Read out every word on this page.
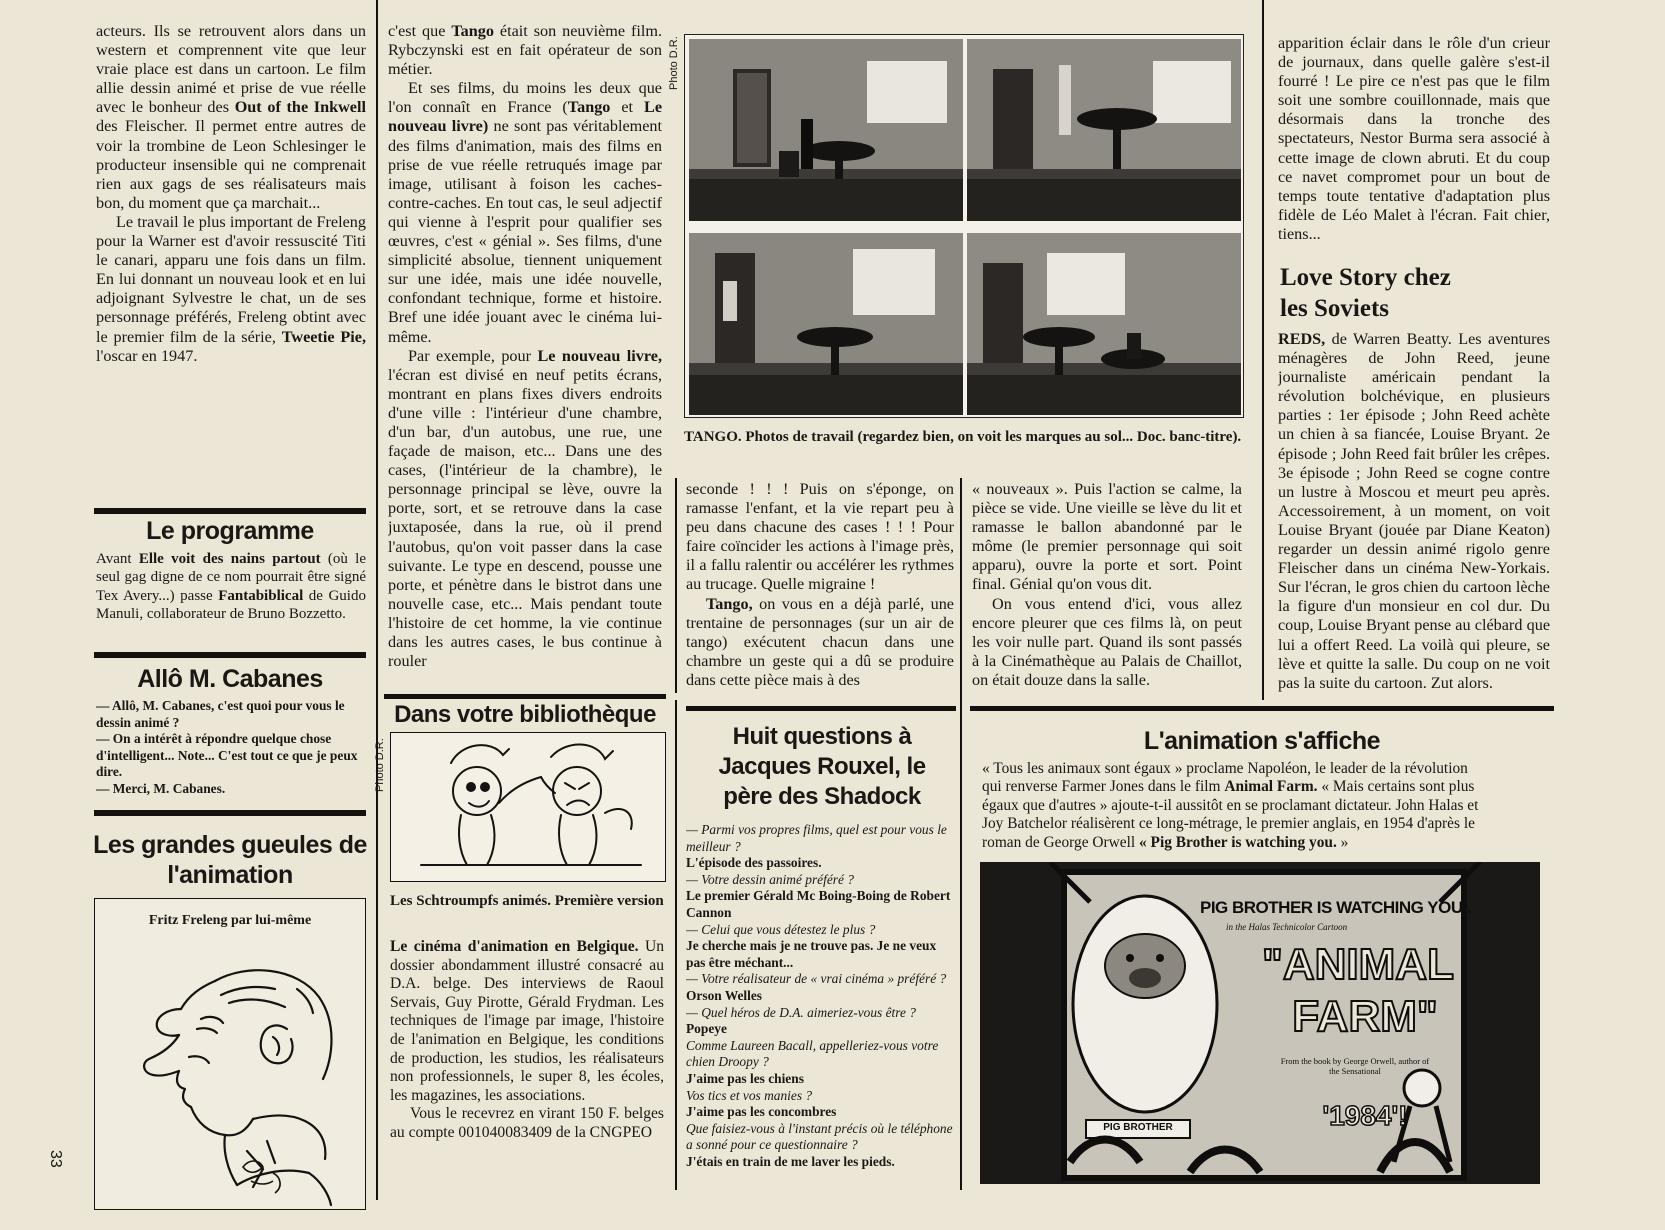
acteurs. Ils se retrouvent alors dans un western et comprennent vite que leur vraie place est dans un cartoon. Le film allie dessin animé et prise de vue réelle avec le bonheur des Out of the Inkwell des Fleischer. Il permet entre autres de voir la trombine de Leon Schlesinger le producteur insensible qui ne comprenait rien aux gags de ses réalisateurs mais bon, du moment que ça marchait...

Le travail le plus important de Freleng pour la Warner est d'avoir ressuscité Titi le canari, apparu une fois dans un film. En lui donnant un nouveau look et en lui adjoignant Sylvestre le chat, un de ses personnage préférés, Freleng obtint avec le premier film de la série, Tweetie Pie, l'oscar en 1947.

Le programme

Avant Elle voit des nains partout (où le seul gag digne de ce nom pourrait être signé Tex Avery...) passe Fantabiblical de Guido Manuli, collaborateur de Bruno Bozzetto.

Allô M. Cabanes
— Allô, M. Cabanes, c'est quoi pour vous le dessin animé ?
— On a intérêt à répondre quelque chose d'intelligent... Note... C'est tout ce que je peux dire.
— Merci, M. Cabanes.
Les grandes gueules de l'animation
Fritz Freleng par lui-même
33

c'est que Tango était son neuvième film. Rybczynski est en fait opérateur de son métier.

Et ses films, du moins les deux que l'on connaît en France (Tango et Le nouveau livre) ne sont pas véritablement des films d'animation, mais des films en prise de vue réelle retruqués image par image, utilisant à foison les caches-contre-caches. En tout cas, le seul adjectif qui vienne à l'esprit pour qualifier ses œuvres, c'est « génial ». Ses films, d'une simplicité absolue, tiennent uniquement sur une idée, mais une idée nouvelle, confondant technique, forme et histoire. Bref une idée jouant avec le cinéma lui-même.

Par exemple, pour Le nouveau livre, l'écran est divisé en neuf petits écrans, montrant en plans fixes divers endroits d'une ville : l'intérieur d'une chambre, d'un bar, d'un autobus, une rue, une façade de maison, etc... Dans une des cases, (l'intérieur de la chambre), le personnage principal se lève, ouvre la porte, sort, et se retrouve dans la case juxtaposée, dans la rue, où il prend l'autobus, qu'on voit passer dans la case suivante. Le type en descend, pousse une porte, et pénètre dans le bistrot dans une nouvelle case, etc... Mais pendant toute l'histoire de cet homme, la vie continue dans les autres cases, le bus continue à rouler

Photo D.R.
TANGO. Photos de travail (regardez bien, on voit les marques au sol... Doc. banc-titre).

seconde ! ! ! Puis on s'éponge, on ramasse l'enfant, et la vie repart peu à peu dans chacune des cases ! ! ! Pour faire coïncider les actions à l'image près, il a fallu ralentir ou accélérer les rythmes au trucage. Quelle migraine !

Tango, on vous en a déjà parlé, une trentaine de personnages (sur un air de tango) exécutent chacun dans une chambre un geste qui a dû se produire dans cette pièce mais à des

« nouveaux ». Puis l'action se calme, la pièce se vide. Une vieille se lève du lit et ramasse le ballon abandonné par le môme (le premier personnage qui soit apparu), ouvre la porte et sort. Point final. Génial qu'on vous dit.

On vous entend d'ici, vous allez encore pleurer que ces films là, on peut les voir nulle part. Quand ils sont passés à la Cinémathèque au Palais de Chaillot, on était douze dans la salle.

apparition éclair dans le rôle d'un crieur de journaux, dans quelle galère s'est-il fourré ! Le pire ce n'est pas que le film soit une sombre couillonnade, mais que désormais dans la tronche des spectateurs, Nestor Burma sera associé à cette image de clown abruti. Et du coup ce navet compromet pour un bout de temps toute tentative d'adaptation plus fidèle de Léo Malet à l'écran. Fait chier, tiens...

Love Story chez les Soviets

REDS, de Warren Beatty. Les aventures ménagères de John Reed, jeune journaliste américain pendant la révolution bolchévique, en plusieurs parties : 1er épisode ; John Reed achète un chien à sa fiancée, Louise Bryant. 2e épisode ; John Reed fait brûler les crêpes. 3e épisode ; John Reed se cogne contre un lustre à Moscou et meurt peu après. Accessoirement, à un moment, on voit Louise Bryant (jouée par Diane Keaton) regarder un dessin animé rigolo genre Fleischer dans un cinéma New-Yorkais. Sur l'écran, le gros chien du cartoon lèche la figure d'un monsieur en col dur. Du coup, Louise Bryant pense au clébard que lui a offert Reed. La voilà qui pleure, se lève et quitte la salle. Du coup on ne voit pas la suite du cartoon. Zut alors.

Dans votre bibliothèque
Photo D.R.
Les Schtroumpfs animés. Première version

Le cinéma d'animation en Belgique. Un dossier abondamment illustré consacré au D.A. belge. Des interviews de Raoul Servais, Guy Pirotte, Gérald Frydman. Les techniques de l'image par image, l'histoire de l'animation en Belgique, les conditions de production, les studios, les réalisateurs non professionnels, le super 8, les écoles, les magazines, les associations.

Vous le recevrez en virant 150 F. belges au compte 001040083409 de la CNGPEO

Huit questions à Jacques Rouxel, le père des Shadock
— Parmi vos propres films, quel est pour vous le meilleur ?
L'épisode des passoires.
— Votre dessin animé préféré ?
Le premier Gérald Mc Boing-Boing de Robert Cannon
— Celui que vous détestez le plus ?
Je cherche mais je ne trouve pas. Je ne veux pas être méchant...
— Votre réalisateur de « vrai cinéma » préféré ?
Orson Welles
— Quel héros de D.A. aimeriez-vous être ?
Popeye
Comme Laureen Bacall, appelleriez-vous votre chien Droopy ?
J'aime pas les chiens
Vos tics et vos manies ?
J'aime pas les concombres
Que faisiez-vous à l'instant précis où le téléphone a sonné pour ce questionnaire ?
J'étais en train de me laver les pieds.
L'animation s'affiche

« Tous les animaux sont égaux » proclame Napoléon, le leader de la révolution qui renverse Farmer Jones dans le film Animal Farm. « Mais certains sont plus égaux que d'autres » ajoute-t-il aussitôt en se proclamant dictateur. John Halas et Joy Batchelor réalisèrent ce long-métrage, le premier anglais, en 1954 d'après le roman de George Orwell « Pig Brother is watching you. »

PIG BROTHER IS WATCHING YOU..
in the Halas Technicolor Cartoon
"ANIMAL
FARM"
From the book by George Orwell, author of the Sensational
'1984'!
PIG BROTHER
